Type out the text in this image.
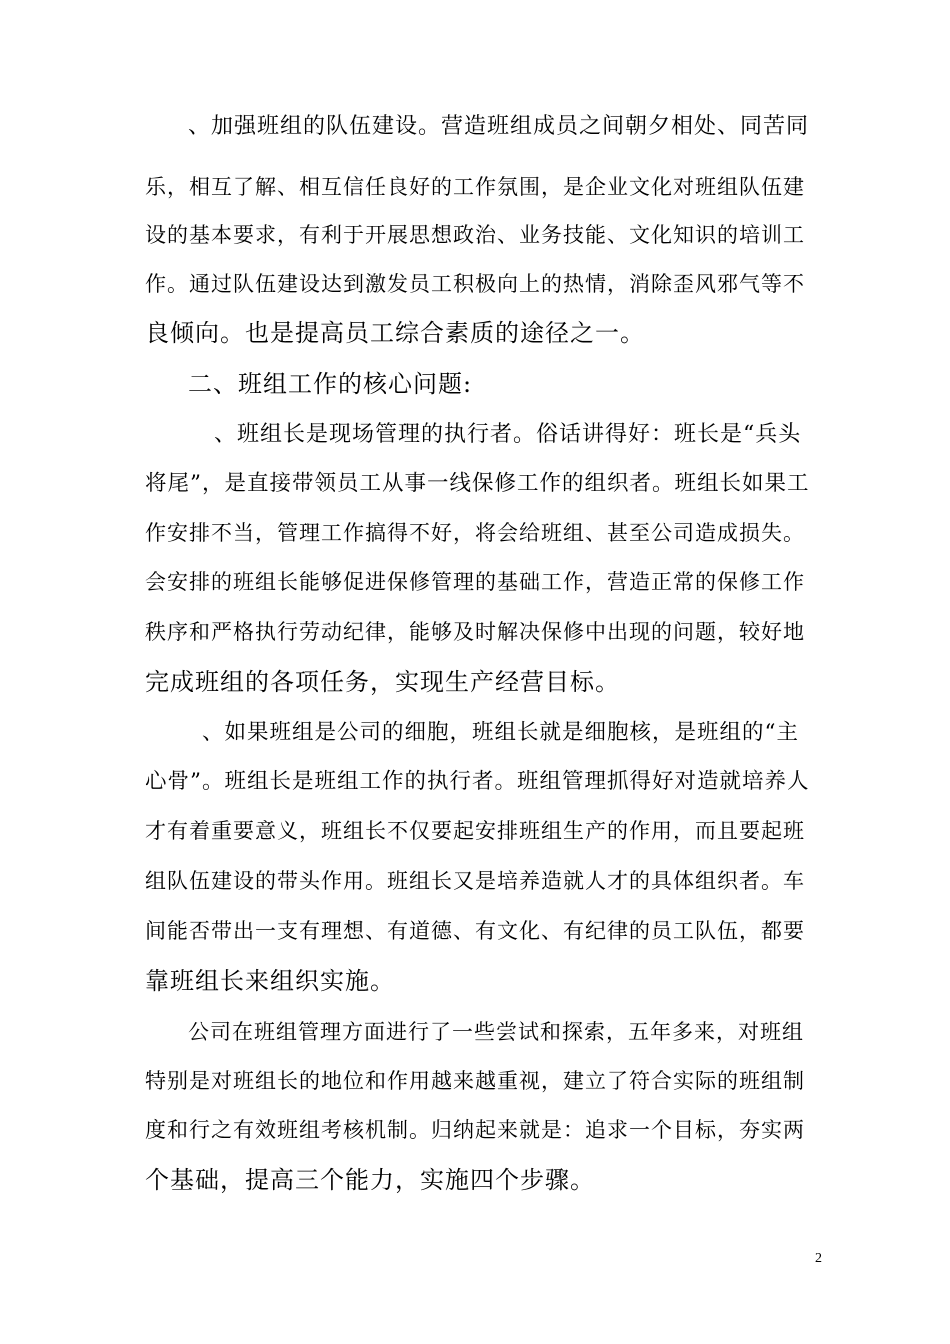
、加强班组的队伍建设。营造班组成员之间朝夕相处、同苦同
乐，相互了解、相互信任良好的工作氛围，是企业文化对班组队伍建
设的基本要求，有利于开展思想政治、业务技能、文化知识的培训工
作。通过队伍建设达到激发员工积极向上的热情，消除歪风邪气等不
良倾向。也是提高员工综合素质的途径之一。
二、班组工作的核心问题:
、班组长是现场管理的执行者。俗话讲得好：班长是“兵头
将尾”，是直接带领员工从事一线保修工作的组织者。班组长如果工
作安排不当，管理工作搞得不好，将会给班组、甚至公司造成损失。
会安排的班组长能够促进保修管理的基础工作，营造正常的保修工作
秩序和严格执行劳动纪律，能够及时解决保修中出现的问题，较好地
完成班组的各项任务，实现生产经营目标。
、如果班组是公司的细胞，班组长就是细胞核，是班组的“主
心骨”。班组长是班组工作的执行者。班组管理抓得好对造就培养人
才有着重要意义，班组长不仅要起安排班组生产的作用，而且要起班
组队伍建设的带头作用。班组长又是培养造就人才的具体组织者。车
间能否带出一支有理想、有道德、有文化、有纪律的员工队伍，都要
靠班组长来组织实施。
公司在班组管理方面进行了一些尝试和探索，五年多来，对班组
特别是对班组长的地位和作用越来越重视，建立了符合实际的班组制
度和行之有效班组考核机制。归纳起来就是：追求一个目标，夯实两
个基础，提高三个能力，实施四个步骤。
2
